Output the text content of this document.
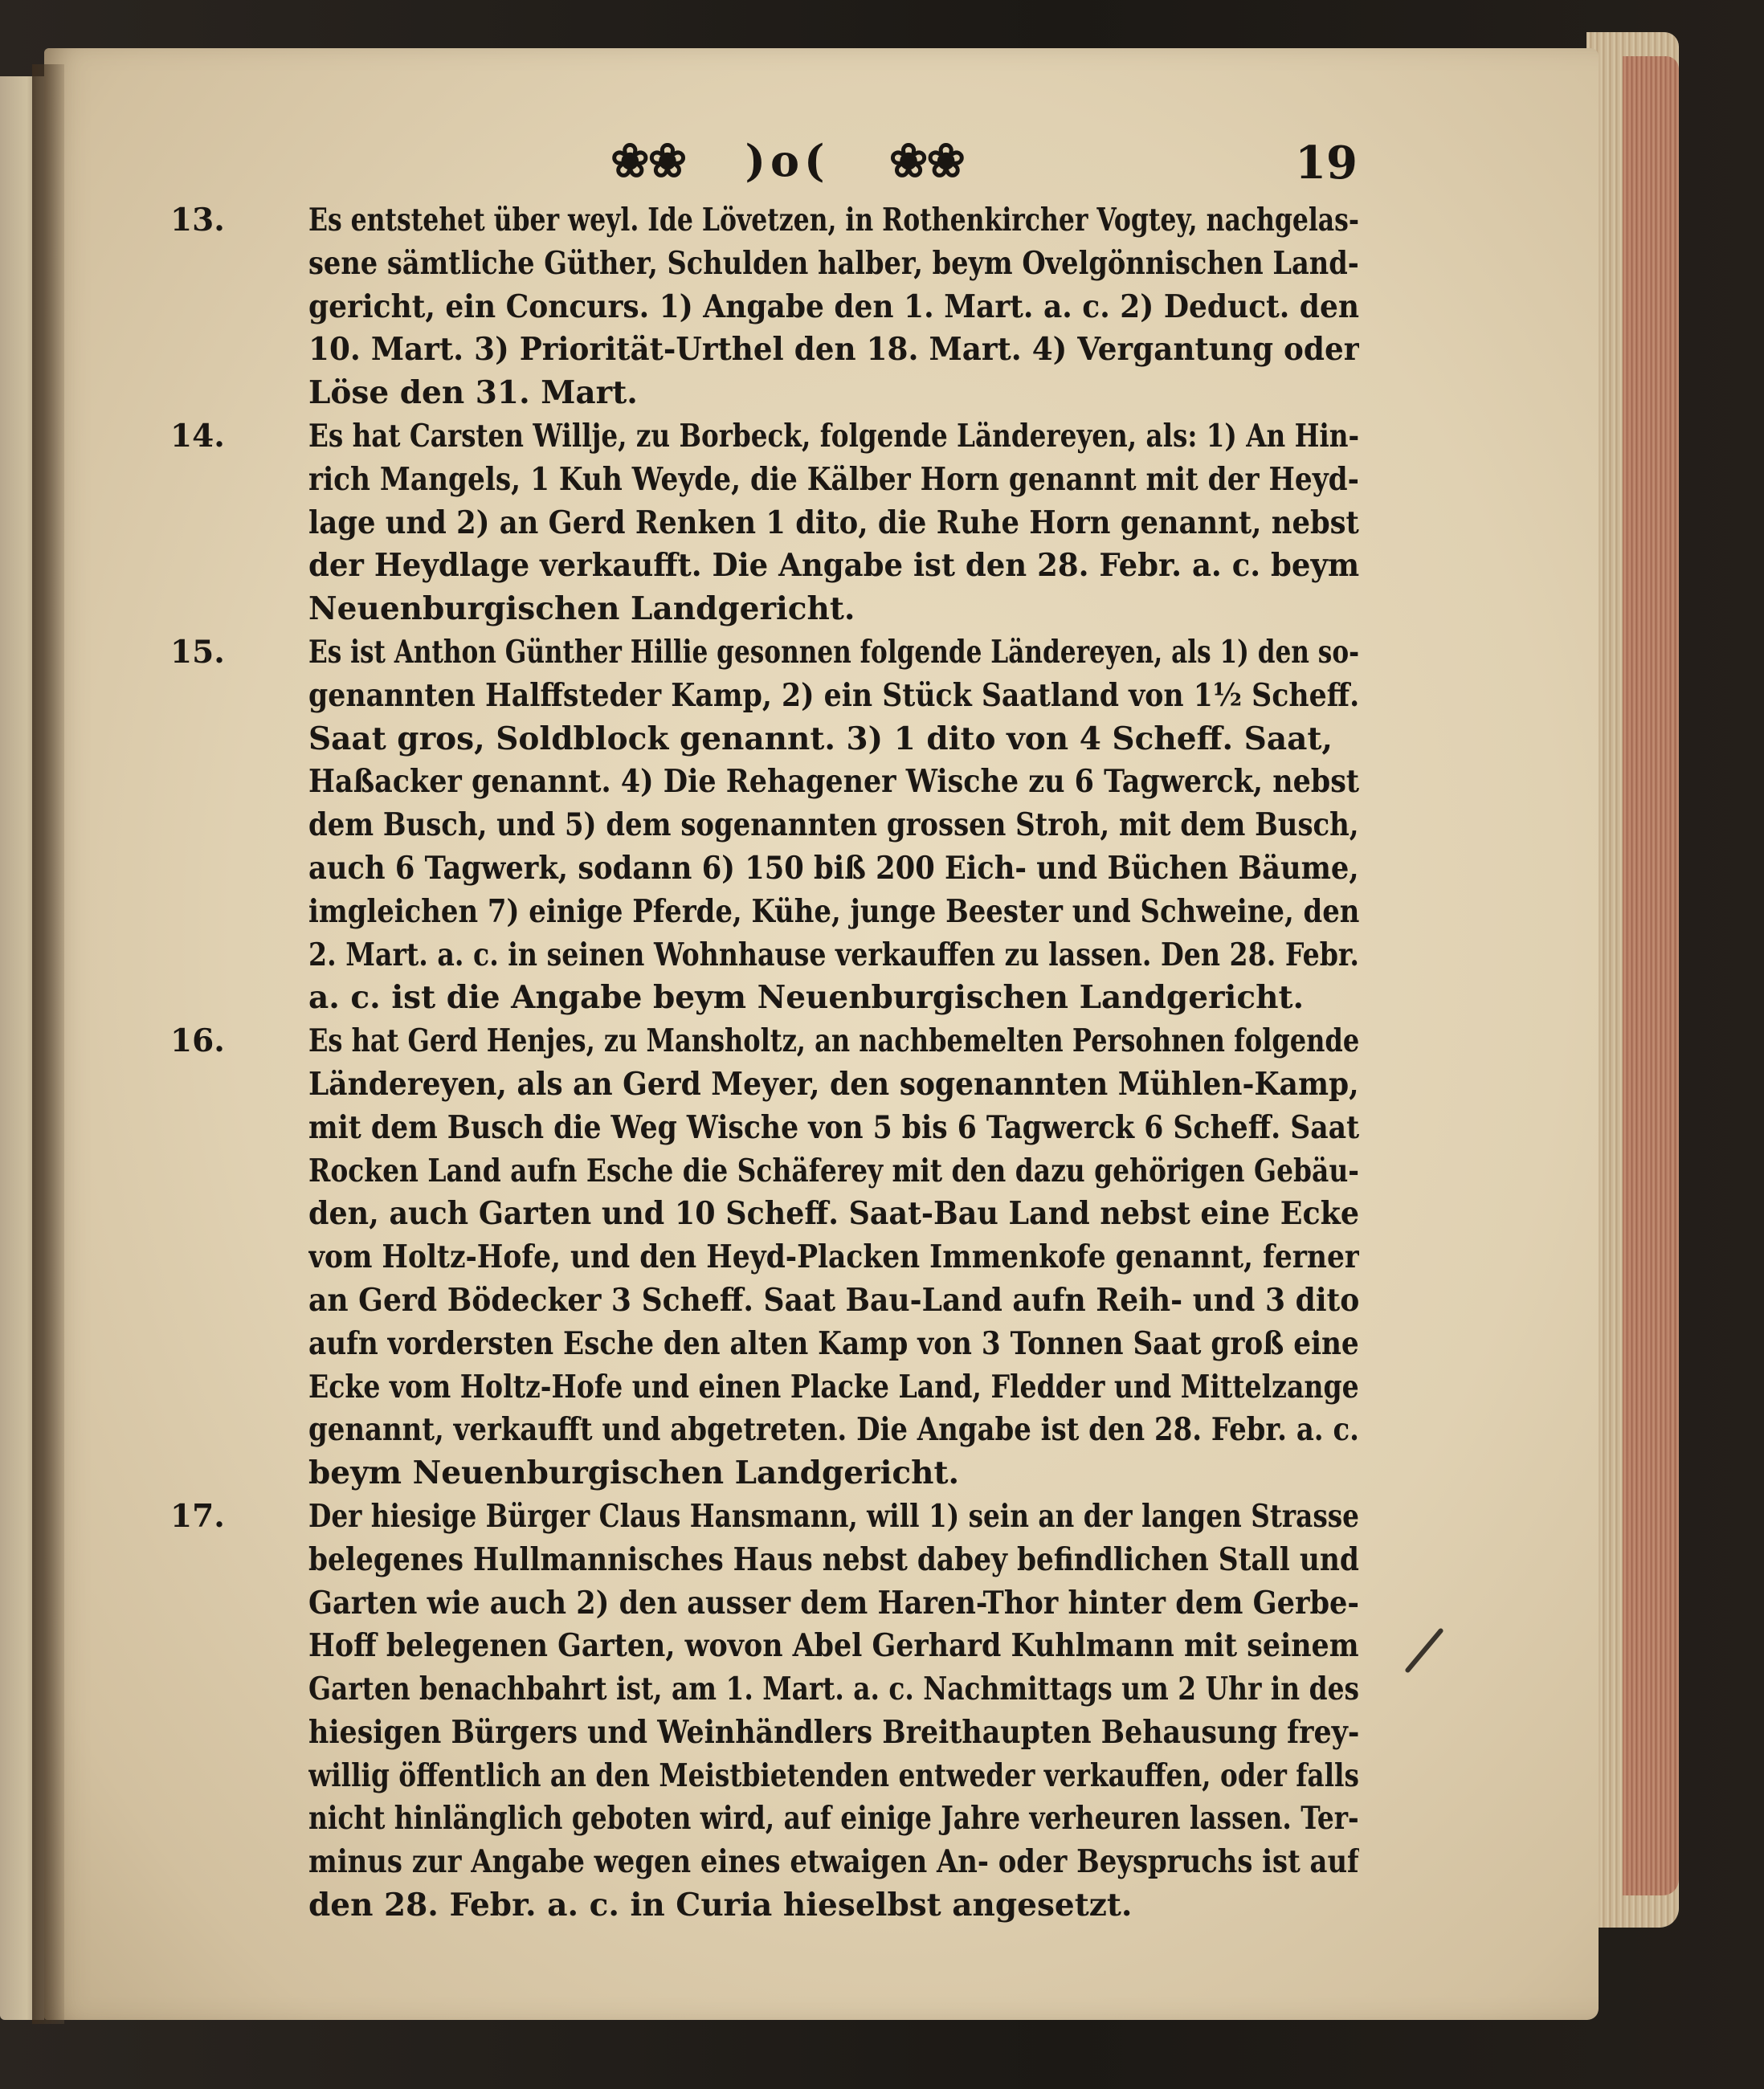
❀❀ )o( ❀❀	19
13.	Es entstehet über weyl. Ide Lövetzen, in Rothenkircher Vogtey, nachgelas-
sene sämtliche Güther, Schulden halber, beym Ovelgönnischen Land-
gericht, ein Concurs. 1) Angabe den 1. Mart. a. c. 2) Deduct. den
10. Mart. 3) Priorität-Urthel den 18. Mart. 4) Vergantung oder
Löse den 31. Mart.
14.	Es hat Carsten Willje, zu Borbeck, folgende Ländereyen, als: 1) An Hin-
rich Mangels, 1 Kuh Weyde, die Kälber Horn genannt mit der Heyd-
lage und 2) an Gerd Renken 1 dito, die Ruhe Horn genannt, nebst
der Heydlage verkaufft. Die Angabe ist den 28. Febr. a. c. beym
Neuenburgischen Landgericht.
15.	Es ist Anthon Günther Hillie gesonnen folgende Ländereyen, als 1) den so-
genannten Halffsteder Kamp, 2) ein Stück Saatland von 1½ Scheff.
Saat gros, Soldblock genannt. 3) 1 dito von 4 Scheff. Saat,
Haßacker genannt. 4) Die Rehagener Wische zu 6 Tagwerck, nebst
dem Busch, und 5) dem sogenannten grossen Stroh, mit dem Busch,
auch 6 Tagwerk, sodann 6) 150 biß 200 Eich- und Büchen Bäume,
imgleichen 7) einige Pferde, Kühe, junge Beester und Schweine, den
2. Mart. a. c. in seinen Wohnhause verkauffen zu lassen. Den 28. Febr.
a. c. ist die Angabe beym Neuenburgischen Landgericht.
16.	Es hat Gerd Henjes, zu Mansholtz, an nachbemelten Persohnen folgende
Ländereyen, als an Gerd Meyer, den sogenannten Mühlen-Kamp,
mit dem Busch die Weg Wische von 5 bis 6 Tagwerck 6 Scheff. Saat
Rocken Land aufn Esche die Schäferey mit den dazu gehörigen Gebäu-
den, auch Garten und 10 Scheff. Saat-Bau Land nebst eine Ecke
vom Holtz-Hofe, und den Heyd-Placken Immenkofe genannt, ferner
an Gerd Bödecker 3 Scheff. Saat Bau-Land aufn Reih- und 3 dito
aufn vordersten Esche den alten Kamp von 3 Tonnen Saat groß eine
Ecke vom Holtz-Hofe und einen Placke Land, Fledder und Mittelzange
genannt, verkaufft und abgetreten. Die Angabe ist den 28. Febr. a. c.
beym Neuenburgischen Landgericht.
17.	Der hiesige Bürger Claus Hansmann, will 1) sein an der langen Strasse
belegenes Hullmannisches Haus nebst dabey befindlichen Stall und
Garten wie auch 2) den ausser dem Haren-Thor hinter dem Gerbe-
Hoff belegenen Garten, wovon Abel Gerhard Kuhlmann mit seinem
Garten benachbahrt ist, am 1. Mart. a. c. Nachmittags um 2 Uhr in des
hiesigen Bürgers und Weinhändlers Breithaupten Behausung frey-
willig öffentlich an den Meistbietenden entweder verkauffen, oder falls
nicht hinlänglich geboten wird, auf einige Jahre verheuren lassen. Ter-
minus zur Angabe wegen eines etwaigen An- oder Beyspruchs ist auf
den 28. Febr. a. c. in Curia hieselbst angesetzt.
